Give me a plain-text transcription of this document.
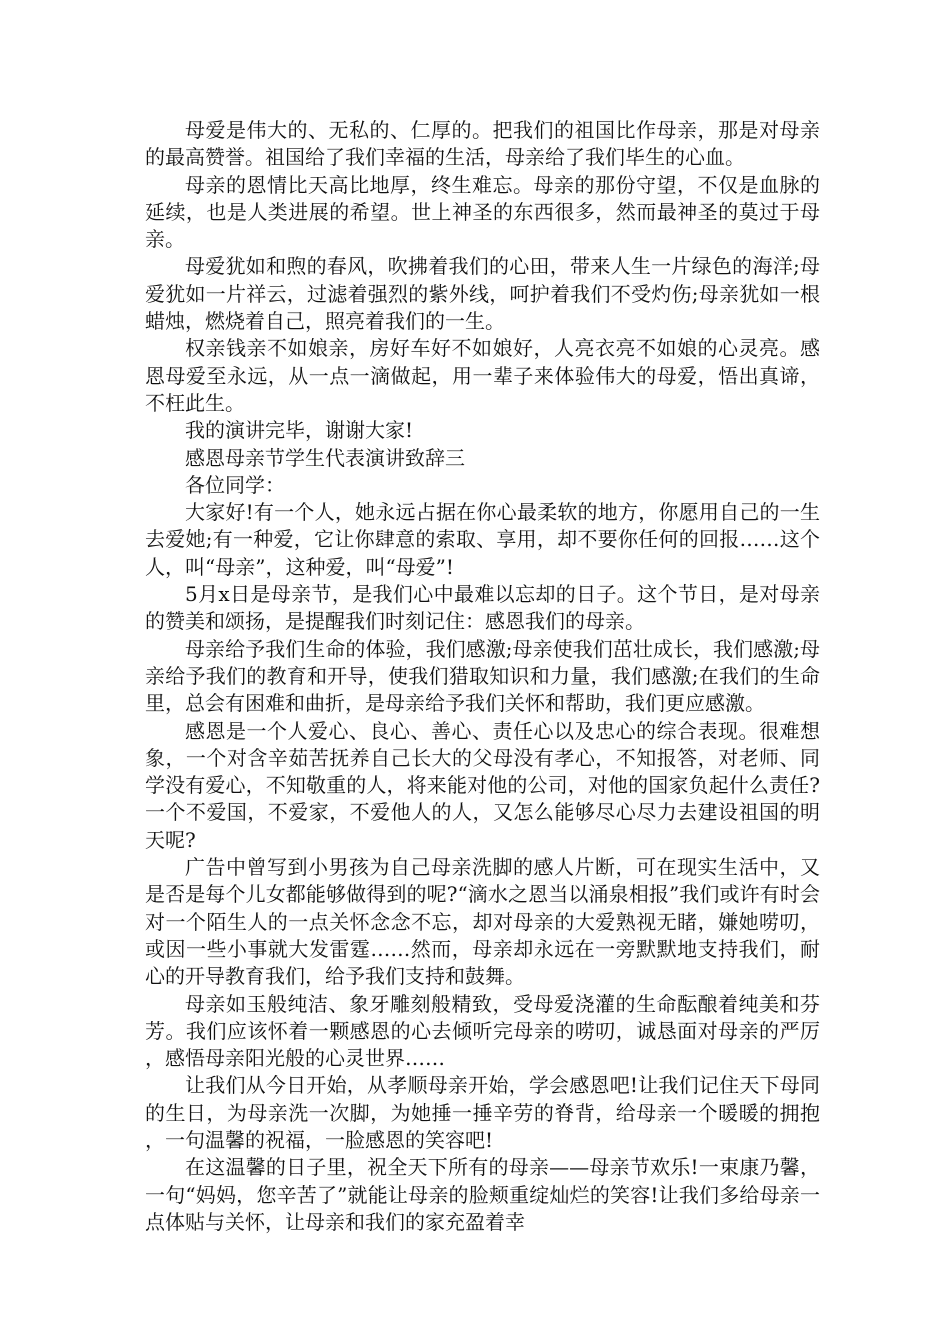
母爱是伟大的、无私的、仁厚的。把我们的祖国比作母亲，那是对母亲的最高赞誉。祖国给了我们幸福的生活，母亲给了我们毕生的心血。

母亲的恩情比天高比地厚，终生难忘。母亲的那份守望，不仅是血脉的延续，也是人类进展的希望。世上神圣的东西很多，然而最神圣的莫过于母亲。

母爱犹如和煦的春风，吹拂着我们的心田，带来人生一片绿色的海洋;母爱犹如一片祥云，过滤着强烈的紫外线，呵护着我们不受灼伤;母亲犹如一根蜡烛，燃烧着自己，照亮着我们的一生。

权亲钱亲不如娘亲，房好车好不如娘好，人亮衣亮不如娘的心灵亮。感恩母爱至永远，从一点一滴做起，用一辈子来体验伟大的母爱，悟出真谛，不枉此生。

我的演讲完毕，谢谢大家!

感恩母亲节学生代表演讲致辞三

各位同学：

大家好!有一个人，她永远占据在你心最柔软的地方，你愿用自己的一生去爱她;有一种爱，它让你肆意的索取、享用，却不要你任何的回报……这个人，叫“母亲”，这种爱，叫“母爱”!

5月x日是母亲节，是我们心中最难以忘却的日子。这个节日，是对母亲的赞美和颂扬，是提醒我们时刻记住：感恩我们的母亲。

母亲给予我们生命的体验，我们感激;母亲使我们茁壮成长，我们感激;母亲给予我们的教育和开导，使我们猎取知识和力量，我们感激;在我们的生命里，总会有困难和曲折，是母亲给予我们关怀和帮助，我们更应感激。

感恩是一个人爱心、良心、善心、责任心以及忠心的综合表现。很难想象，一个对含辛茹苦抚养自己长大的父母没有孝心，不知报答，对老师、同学没有爱心，不知敬重的人，将来能对他的公司，对他的国家负起什么责任?一个不爱国，不爱家，不爱他人的人，又怎么能够尽心尽力去建设祖国的明天呢?

广告中曾写到小男孩为自己母亲洗脚的感人片断，可在现实生活中，又是否是每个儿女都能够做得到的呢?“滴水之恩当以涌泉相报”我们或许有时会对一个陌生人的一点关怀念念不忘，却对母亲的大爱熟视无睹，嫌她唠叨，或因一些小事就大发雷霆……然而，母亲却永远在一旁默默地支持我们，耐心的开导教育我们，给予我们支持和鼓舞。

母亲如玉般纯洁、象牙雕刻般精致，受母爱浇灌的生命酝酿着纯美和芬芳。我们应该怀着一颗感恩的心去倾听完母亲的唠叨，诚恳面对母亲的严厉，感悟母亲阳光般的心灵世界……

让我们从今日开始，从孝顺母亲开始，学会感恩吧!让我们记住天下母同的生日，为母亲洗一次脚，为她捶一捶辛劳的脊背，给母亲一个暖暖的拥抱，一句温馨的祝福，一脸感恩的笑容吧!

在这温馨的日子里，祝全天下所有的母亲——母亲节欢乐!一束康乃馨，一句“妈妈，您辛苦了”就能让母亲的脸颊重绽灿烂的笑容!让我们多给母亲一点体贴与关怀，让母亲和我们的家充盈着幸
